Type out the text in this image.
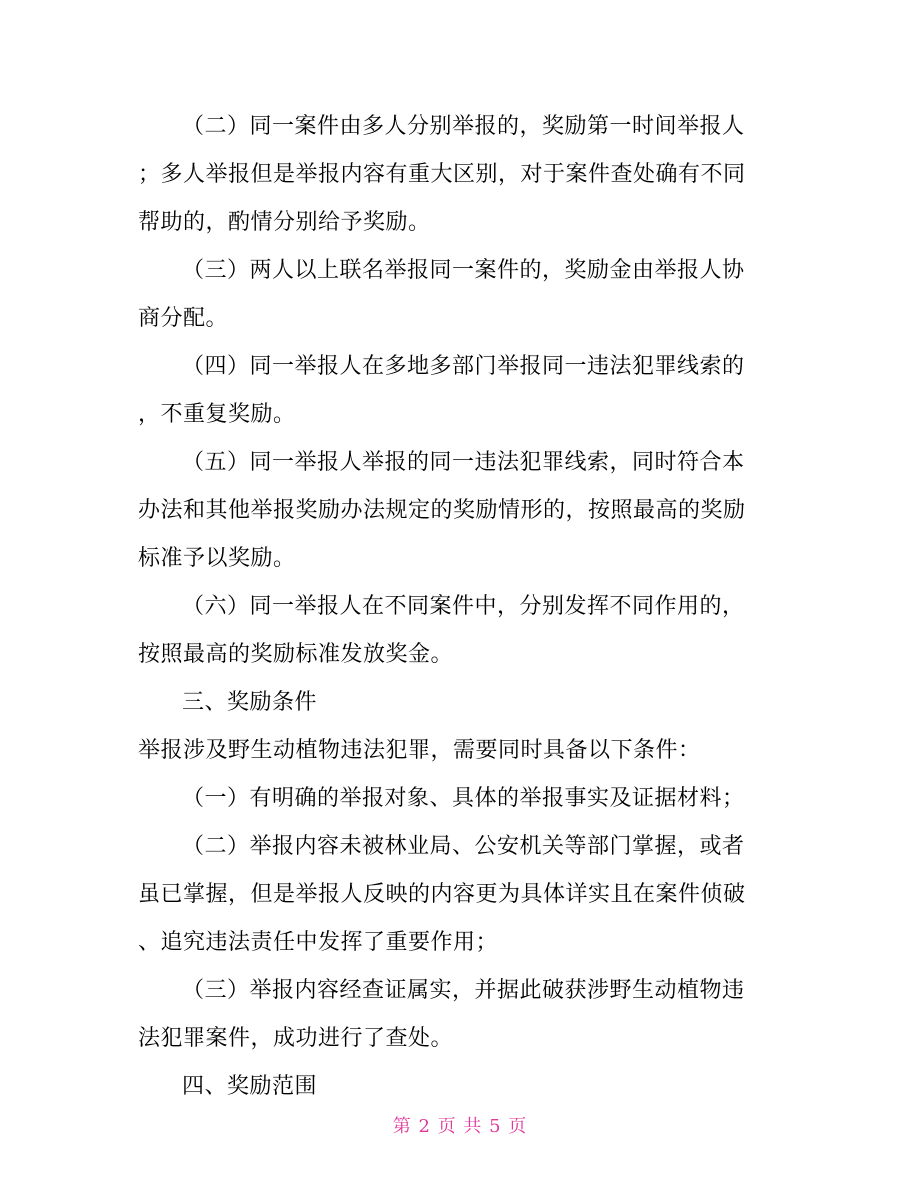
（二）同一案件由多人分别举报的，奖励第一时间举报人
；多人举报但是举报内容有重大区别，对于案件查处确有不同
帮助的，酌情分别给予奖励。
（三）两人以上联名举报同一案件的，奖励金由举报人协
商分配。
（四）同一举报人在多地多部门举报同一违法犯罪线索的
，不重复奖励。
（五）同一举报人举报的同一违法犯罪线索，同时符合本
办法和其他举报奖励办法规定的奖励情形的，按照最高的奖励
标准予以奖励。
（六）同一举报人在不同案件中，分别发挥不同作用的，
按照最高的奖励标准发放奖金。
三、奖励条件
举报涉及野生动植物违法犯罪，需要同时具备以下条件：
（一）有明确的举报对象、具体的举报事实及证据材料；
（二）举报内容未被林业局、公安机关等部门掌握，或者
虽已掌握，但是举报人反映的内容更为具体详实且在案件侦破
、追究违法责任中发挥了重要作用；
（三）举报内容经查证属实，并据此破获涉野生动植物违
法犯罪案件，成功进行了查处。
四、奖励范围
第 2 页 共 5 页
